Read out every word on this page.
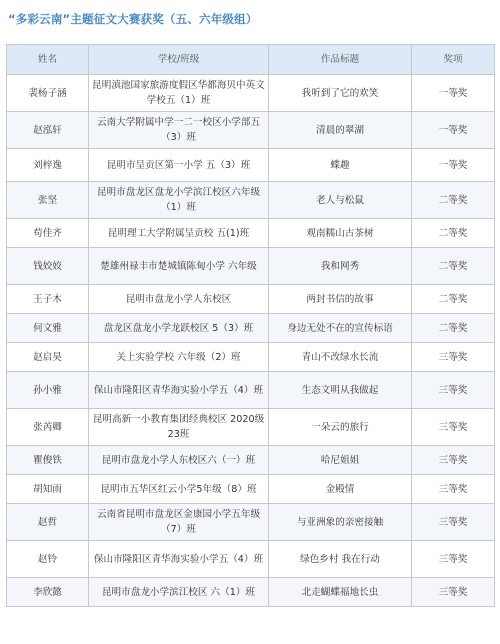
“多彩云南”主题征文大赛获奖（五、六年级组）
姓名	学校/班级	作品标题	奖项
裴杨子涵	昆明滇池国家旅游度假区华都海贝中英文学校五（1）班	我听到了它的欢笑	一等奖
赵泓轩	云南大学附属中学一二一校区小学部五（3）班	清晨的翠湖	一等奖
刘梓逸	昆明市呈贡区第一小学 五（3）班	蝶趣	一等奖
张坚	昆明市盘龙区盘龙小学滨江校区六年级（1）班	老人与松鼠	二等奖
苟佳齐	昆明理工大学附属呈贡校 五(1)班	观南糯山古茶树	二等奖
钱姣姣	楚雄州禄丰市楚城镇陈甸小学 六年级	我和网秀	二等奖
王子木	昆明市盘龙小学人东校区	两封书信的故事	二等奖
何文雅	盘龙区盘龙小学龙跃校区 5（3）班	身边无处不在的宣传标语	二等奖
赵启昊	关上实验学校 六年级（2）班	青山不改绿水长流	三等奖
孙小雅	保山市隆阳区青华海实验小学五（4）班	生态文明从我做起	三等奖
张芮卿	昆明高新一小教育集团经典校区 2020级23班	一朵云的旅行	三等奖
瞿俊铁	昆明市盘龙小学人东校区六（一）班	哈尼姐姐	三等奖
胡知雨	昆明市五华区红云小学5年级（8）班	金殿情	三等奖
赵哲	云南省昆明市盘龙区金康园小学五年级（7）班	与亚洲象的亲密接触	三等奖
赵铃	保山市隆阳区青华海实验小学五（4）班	绿色乡村 我在行动	三等奖
李欣懿	昆明市盘龙小学滨江校区 六（1）班	北走蝴蝶福地长虫	三等奖
